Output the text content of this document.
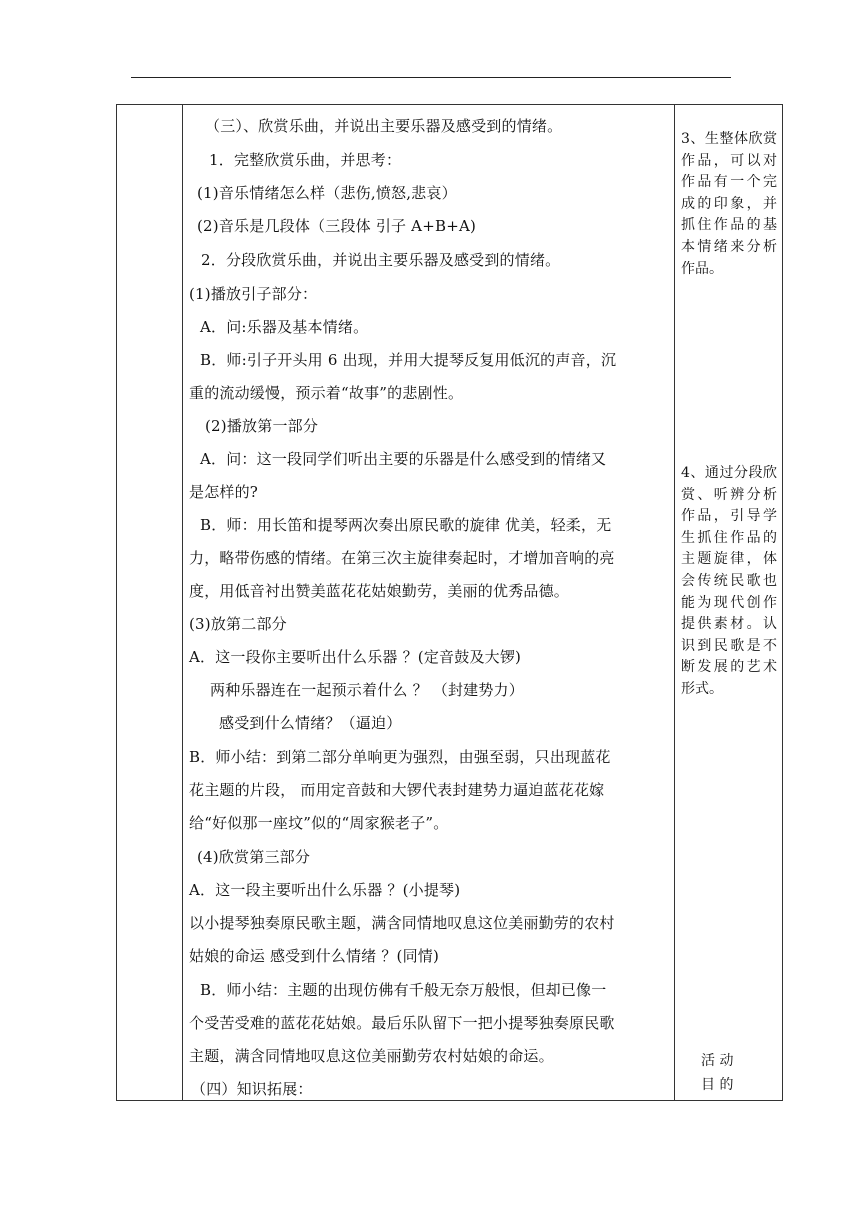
（三）、欣赏乐曲，并说出主要乐器及感受到的情绪。
1．完整欣赏乐曲，并思考：
(1)音乐情绪怎么样（悲伤,愤怒,悲哀）
(2)音乐是几段体（三段体 引子 A+B+A)
2．分段欣赏乐曲，并说出主要乐器及感受到的情绪。
(1)播放引子部分：
A．问:乐器及基本情绪。
B．师:引子开头用 6 出现，并用大提琴反复用低沉的声音，沉
重的流动缓慢，预示着“故事”的悲剧性。
(2)播放第一部分
A．问：这一段同学们听出主要的乐器是什么感受到的情绪又
是怎样的?
B．师：用长笛和提琴两次奏出原民歌的旋律 优美，轻柔，无
力，略带伤感的情绪。在第三次主旋律奏起时，才增加音响的亮
度，用低音衬出赞美蓝花花姑娘勤劳，美丽的优秀品德。
(3)放第二部分
A．这一段你主要听出什么乐器 ？(定音鼓及大锣)
两种乐器连在一起预示着什么 ？ （封建势力）
感受到什么情绪？（逼迫）
B．师小结：到第二部分单响更为强烈，由强至弱，只出现蓝花
花主题的片段， 而用定音鼓和大锣代表封建势力逼迫蓝花花嫁
给“好似那一座坟”似的“周家猴老子”。
(4)欣赏第三部分
A．这一段主要听出什么乐器 ？(小提琴)
以小提琴独奏原民歌主题，满含同情地叹息这位美丽勤劳的农村
姑娘的命运 感受到什么情绪 ？(同情)
B．师小结：主题的出现仿佛有千般无奈万般恨，但却已像一
个受苦受难的蓝花花姑娘。最后乐队留下一把小提琴独奏原民歌
主题，满含同情地叹息这位美丽勤劳农村姑娘的命运。
（四）知识拓展：

3、生整体欣赏作品，可以对作品有一个完成的印象，并抓住作品的基本情绪来分析作品。
4、通过分段欣赏、听辨分析作品，引导学生抓住作品的主题旋律，体会传统民歌也能为现代创作提供素材。认识到民歌是不断发展的艺术形式。
活 动
目 的
